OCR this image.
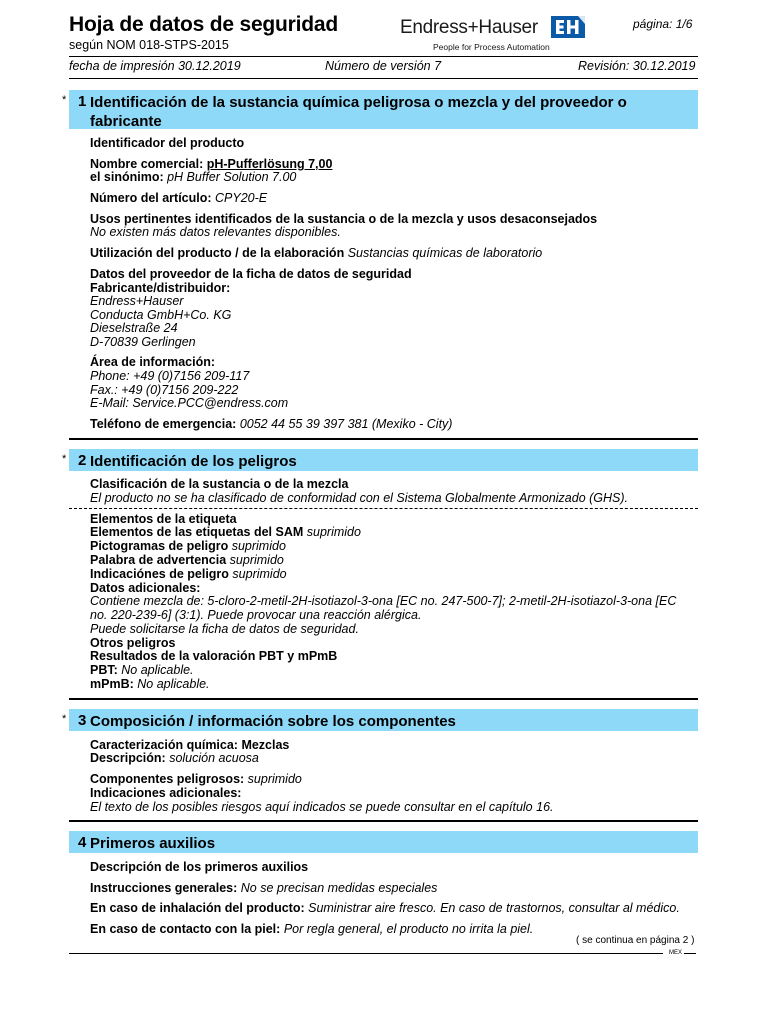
Hoja de datos de seguridad
según NOM 018-STPS-2015
Endress+Hauser
People for Process Automation
página: 1/6
fecha de impresión 30.12.2019	Número de versión 7	Revisión: 30.12.2019
* 1 Identificación de la sustancia química peligrosa o mezcla y del proveedor o fabricante
Identificador del producto
Nombre comercial: pH-Pufferlösung 7,00
el sinónimo: pH Buffer Solution 7.00
Número del artículo: CPY20-E
Usos pertinentes identificados de la sustancia o de la mezcla y usos desaconsejados
No existen más datos relevantes disponibles.
Utilización del producto / de la elaboración Sustancias químicas de laboratorio
Datos del proveedor de la ficha de datos de seguridad
Fabricante/distribuidor:
Endress+Hauser
Conducta GmbH+Co. KG
Dieselstraße 24
D-70839 Gerlingen
Área de información:
Phone: +49 (0)7156 209-117
Fax.: +49 (0)7156 209-222
E-Mail: Service.PCC@endress.com
Teléfono de emergencia: 0052 44 55 39 397 381 (Mexiko - City)
* 2 Identificación de los peligros
Clasificación de la sustancia o de la mezcla
El producto no se ha clasificado de conformidad con el Sistema Globalmente Armonizado (GHS).
Elementos de la etiqueta
Elementos de las etiquetas del SAM suprimido
Pictogramas de peligro suprimido
Palabra de advertencia suprimido
Indicaciónes de peligro suprimido
Datos adicionales:
Contiene mezcla de: 5-cloro-2-metil-2H-isotiazol-3-ona [EC no. 247-500-7]; 2-metil-2H-isotiazol-3-ona [EC
no. 220-239-6] (3:1). Puede provocar una reacción alérgica.
Puede solicitarse la ficha de datos de seguridad.
Otros peligros
Resultados de la valoración PBT y mPmB
PBT: No aplicable.
mPmB: No aplicable.
* 3 Composición / información sobre los componentes
Caracterización química: Mezclas
Descripción: solución acuosa
Componentes peligrosos: suprimido
Indicaciones adicionales:
El texto de los posibles riesgos aquí indicados se puede consultar en el capítulo 16.
4 Primeros auxilios
Descripción de los primeros auxilios
Instrucciones generales: No se precisan medidas especiales
En caso de inhalación del producto: Suministrar aire fresco. En caso de trastornos, consultar al médico.
En caso de contacto con la piel: Por regla general, el producto no irrita la piel.
( se continua en página 2 )
MEX
